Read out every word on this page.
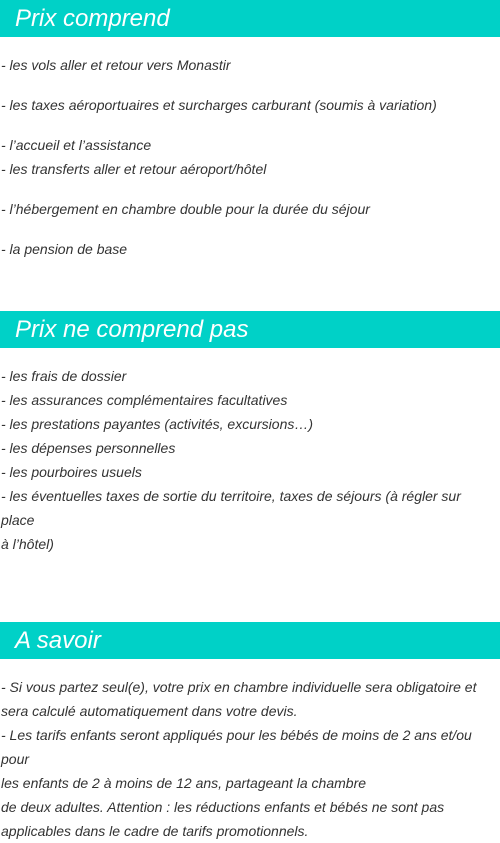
Prix comprend
- les vols aller et retour vers Monastir
- les taxes aéroportuaires et surcharges carburant (soumis à variation)
- l’accueil et l’assistance
- les transferts aller et retour aéroport/hôtel
- l’hébergement en chambre double pour la durée du séjour
- la pension de base
Prix ne comprend pas
- les frais de dossier
- les assurances complémentaires facultatives
- les prestations payantes (activités, excursions…)
- les dépenses personnelles
- les pourboires usuels
- les éventuelles taxes de sortie du territoire, taxes de séjours (à régler sur place
à l’hôtel)
A savoir
- Si vous partez seul(e), votre prix en chambre individuelle sera obligatoire et
sera calculé automatiquement dans votre devis.
- Les tarifs enfants seront appliqués pour les bébés de moins de 2 ans et/ou pour
les enfants de 2 à moins de 12 ans, partageant la chambre
de deux adultes. Attention : les réductions enfants et bébés ne sont pas
applicables dans le cadre de tarifs promotionnels.
